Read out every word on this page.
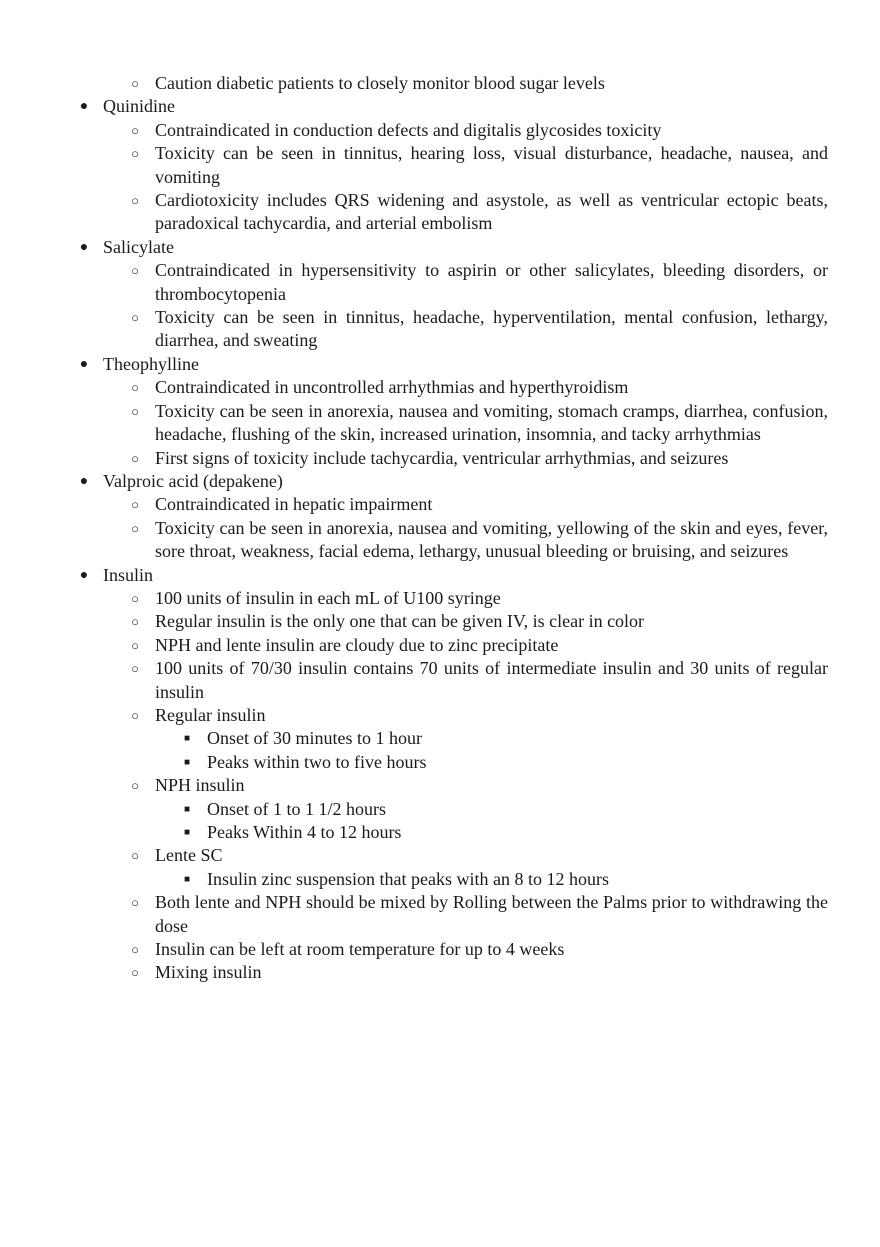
○ Caution diabetic patients to closely monitor blood sugar levels
● Quinidine
○ Contraindicated in conduction defects and digitalis glycosides toxicity
○ Toxicity can be seen in tinnitus, hearing loss, visual disturbance, headache, nausea, and vomiting
○ Cardiotoxicity includes QRS widening and asystole, as well as ventricular ectopic beats, paradoxical tachycardia, and arterial embolism
● Salicylate
○ Contraindicated in hypersensitivity to aspirin or other salicylates, bleeding disorders, or thrombocytopenia
○ Toxicity can be seen in tinnitus, headache, hyperventilation, mental confusion, lethargy, diarrhea, and sweating
● Theophylline
○ Contraindicated in uncontrolled arrhythmias and hyperthyroidism
○ Toxicity can be seen in anorexia, nausea and vomiting, stomach cramps, diarrhea, confusion, headache, flushing of the skin, increased urination, insomnia, and tacky arrhythmias
○ First signs of toxicity include tachycardia, ventricular arrhythmias, and seizures
● Valproic acid (depakene)
○ Contraindicated in hepatic impairment
○ Toxicity can be seen in anorexia, nausea and vomiting, yellowing of the skin and eyes, fever, sore throat, weakness, facial edema, lethargy, unusual bleeding or bruising, and seizures
● Insulin
○ 100 units of insulin in each mL of U100 syringe
○ Regular insulin is the only one that can be given IV, is clear in color
○ NPH and lente insulin are cloudy due to zinc precipitate
○ 100 units of 70/30 insulin contains 70 units of intermediate insulin and 30 units of regular insulin
○ Regular insulin
■ Onset of 30 minutes to 1 hour
■ Peaks within two to five hours
○ NPH insulin
■ Onset of 1 to 1 1/2 hours
■ Peaks Within 4 to 12 hours
○ Lente SC
■ Insulin zinc suspension that peaks with an 8 to 12 hours
○ Both lente and NPH should be mixed by Rolling between the Palms prior to withdrawing the dose
○ Insulin can be left at room temperature for up to 4 weeks
○ Mixing insulin
